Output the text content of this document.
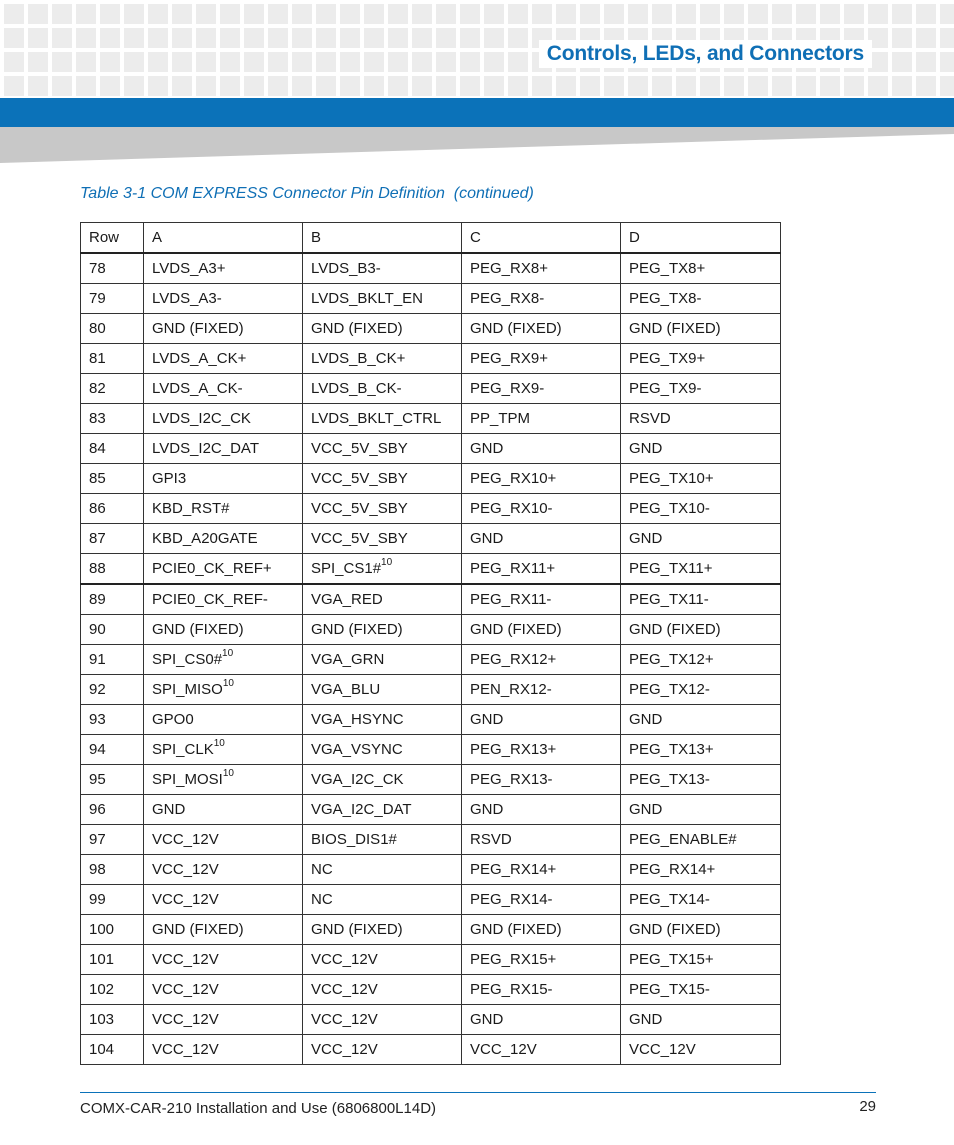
Controls, LEDs, and Connectors
Table 3-1 COM EXPRESS Connector Pin Definition  (continued)
Row	A	B	C	D
78	LVDS_A3+	LVDS_B3-	PEG_RX8+	PEG_TX8+
79	LVDS_A3-	LVDS_BKLT_EN	PEG_RX8-	PEG_TX8-
80	GND (FIXED)	GND (FIXED)	GND (FIXED)	GND (FIXED)
81	LVDS_A_CK+	LVDS_B_CK+	PEG_RX9+	PEG_TX9+
82	LVDS_A_CK-	LVDS_B_CK-	PEG_RX9-	PEG_TX9-
83	LVDS_I2C_CK	LVDS_BKLT_CTRL	PP_TPM	RSVD
84	LVDS_I2C_DAT	VCC_5V_SBY	GND	GND
85	GPI3	VCC_5V_SBY	PEG_RX10+	PEG_TX10+
86	KBD_RST#	VCC_5V_SBY	PEG_RX10-	PEG_TX10-
87	KBD_A20GATE	VCC_5V_SBY	GND	GND
88	PCIE0_CK_REF+	SPI_CS1#$^{10}$	PEG_RX11+	PEG_TX11+
89	PCIE0_CK_REF-	VGA_RED	PEG_RX11-	PEG_TX11-
90	GND (FIXED)	GND (FIXED)	GND (FIXED)	GND (FIXED)
91	SPI_CS0#$^{10}$	VGA_GRN	PEG_RX12+	PEG_TX12+
92	SPI_MISO$^{10}$	VGA_BLU	PEN_RX12-	PEG_TX12-
93	GPO0	VGA_HSYNC	GND	GND
94	SPI_CLK$^{10}$	VGA_VSYNC	PEG_RX13+	PEG_TX13+
95	SPI_MOSI$^{10}$	VGA_I2C_CK	PEG_RX13-	PEG_TX13-
96	GND	VGA_I2C_DAT	GND	GND
97	VCC_12V	BIOS_DIS1#	RSVD	PEG_ENABLE#
98	VCC_12V	NC	PEG_RX14+	PEG_RX14+
99	VCC_12V	NC	PEG_RX14-	PEG_TX14-
100	GND (FIXED)	GND (FIXED)	GND (FIXED)	GND (FIXED)
101	VCC_12V	VCC_12V	PEG_RX15+	PEG_TX15+
102	VCC_12V	VCC_12V	PEG_RX15-	PEG_TX15-
103	VCC_12V	VCC_12V	GND	GND
104	VCC_12V	VCC_12V	VCC_12V	VCC_12V
COMX-CAR-210 Installation and Use (6806800L14D)	29
